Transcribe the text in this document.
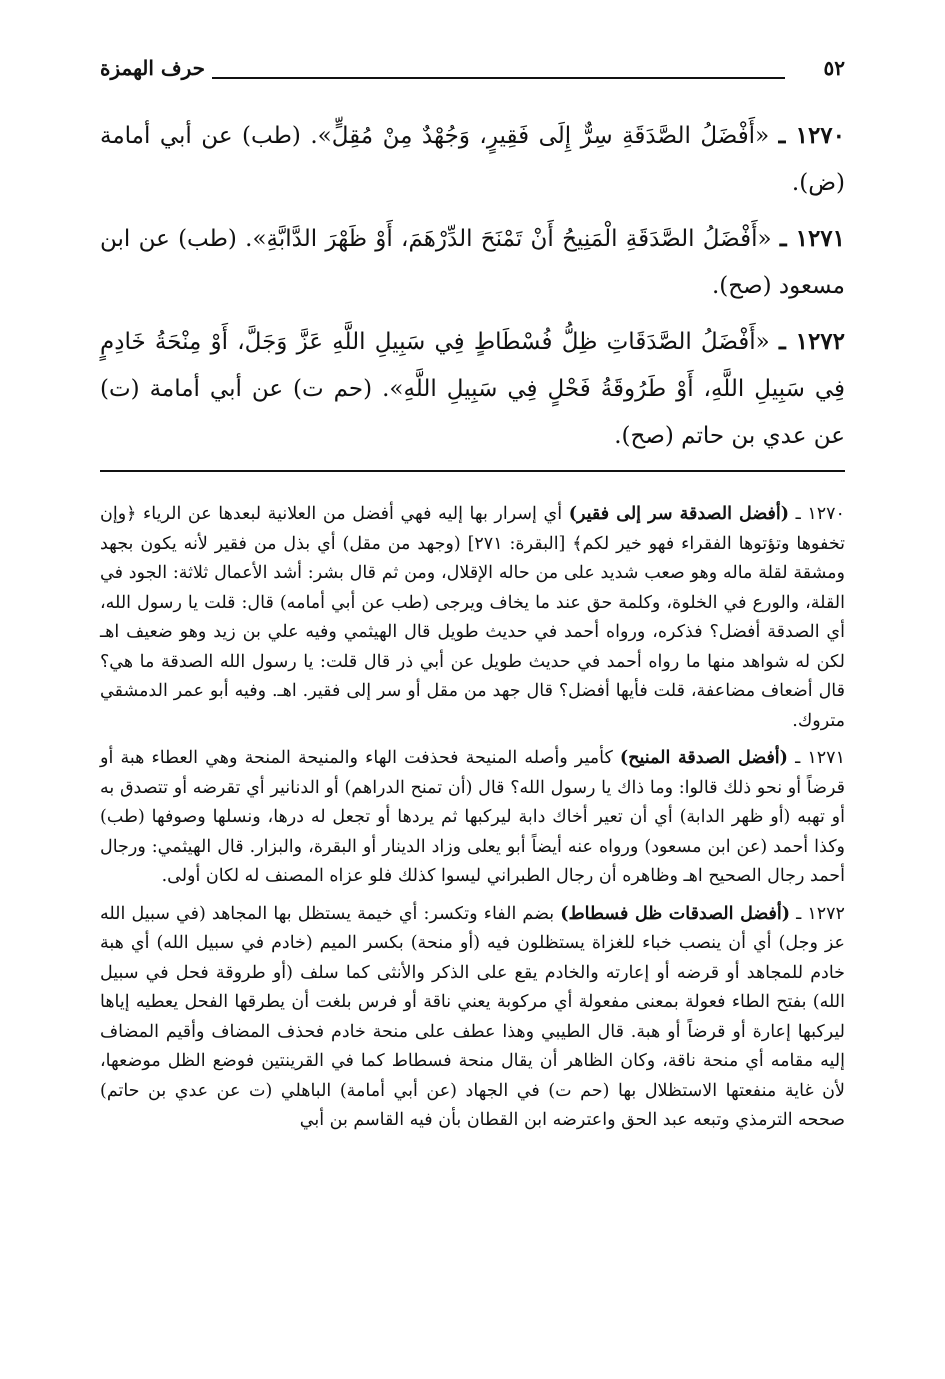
٥٢
حرف الهمزة

١٢٧٠ ـ «أَفْضَلُ الصَّدَقَةِ سِرٌّ إِلَى فَقِيرٍ، وَجُهْدٌ مِنْ مُقِلٍّ». (طب) عن أبي أمامة (ض).

١٢٧١ ـ «أَفْضَلُ الصَّدَقَةِ الْمَنِيحُ أَنْ تَمْنَحَ الدِّرْهَمَ، أَوْ ظَهْرَ الدَّابَّةِ». (طب) عن ابن مسعود (صح).

١٢٧٢ ـ «أَفْضَلُ الصَّدَقَاتِ ظِلُّ فُسْطَاطٍ فِي سَبِيلِ اللَّهِ عَزَّ وَجَلَّ، أَوْ مِنْحَةُ خَادِمٍ فِي سَبِيلِ اللَّهِ، أَوْ طَرُوقَةُ فَحْلٍ فِي سَبِيلِ اللَّهِ». (حم ت) عن أبي أمامة (ت) عن عدي بن حاتم (صح).

١٢٧٠ ـ (أفضل الصدقة سر إلى فقير) أي إسرار بها إليه فهي أفضل من العلانية لبعدها عن الرياء ﴿وإن تخفوها وتؤتوها الفقراء فهو خير لكم﴾ [البقرة: ٢٧١] (وجهد من مقل) أي بذل من فقير لأنه يكون بجهد ومشقة لقلة ماله وهو صعب شديد على من حاله الإقلال، ومن ثم قال بشر: أشد الأعمال ثلاثة: الجود في القلة، والورع في الخلوة، وكلمة حق عند ما يخاف ويرجى (طب عن أبي أمامه) قال: قلت يا رسول الله، أي الصدقة أفضل؟ فذكره، ورواه أحمد في حديث طويل قال الهيثمي وفيه علي بن زيد وهو ضعيف اهـ لكن له شواهد منها ما رواه أحمد في حديث طويل عن أبي ذر قال قلت: يا رسول الله الصدقة ما هي؟ قال أضعاف مضاعفة، قلت فأيها أفضل؟ قال جهد من مقل أو سر إلى فقير. اهـ. وفيه أبو عمر الدمشقي متروك.

١٢٧١ ـ (أفضل الصدقة المنيح) كأمير وأصله المنيحة فحذفت الهاء والمنيحة المنحة وهي العطاء هبة أو قرضاً أو نحو ذلك قالوا: وما ذاك يا رسول الله؟ قال (أن تمنح الدراهم) أو الدنانير أي تقرضه أو تتصدق به أو تهبه (أو ظهر الدابة) أي أن تعير أخاك دابة ليركبها ثم يردها أو تجعل له درها، ونسلها وصوفها (طب) وكذا أحمد (عن ابن مسعود) ورواه عنه أيضاً أبو يعلى وزاد الدينار أو البقرة، والبزار. قال الهيثمي: ورجال أحمد رجال الصحيح اهـ وظاهره أن رجال الطبراني ليسوا كذلك فلو عزاه المصنف له لكان أولى.

١٢٧٢ ـ (أفضل الصدقات ظل فسطاط) بضم الفاء وتكسر: أي خيمة يستظل بها المجاهد (في سبيل الله عز وجل) أي أن ينصب خباء للغزاة يستظلون فيه (أو منحة) بكسر الميم (خادم في سبيل الله) أي هبة خادم للمجاهد أو قرضه أو إعارته والخادم يقع على الذكر والأنثى كما سلف (أو طروقة فحل في سبيل الله) بفتح الطاء فعولة بمعنى مفعولة أي مركوبة يعني ناقة أو فرس بلغت أن يطرقها الفحل يعطيه إياها ليركبها إعارة أو قرضاً أو هبة. قال الطيبي وهذا عطف على منحة خادم فحذف المضاف وأقيم المضاف إليه مقامه أي منحة ناقة، وكان الظاهر أن يقال منحة فسطاط كما في القرينتين فوضع الظل موضعها، لأن غاية منفعتها الاستظلال بها (حم ت) في الجهاد (عن أبي أمامة) الباهلي (ت عن عدي بن حاتم) صححه الترمذي وتبعه عبد الحق واعترضه ابن القطان بأن فيه القاسم بن أبي
